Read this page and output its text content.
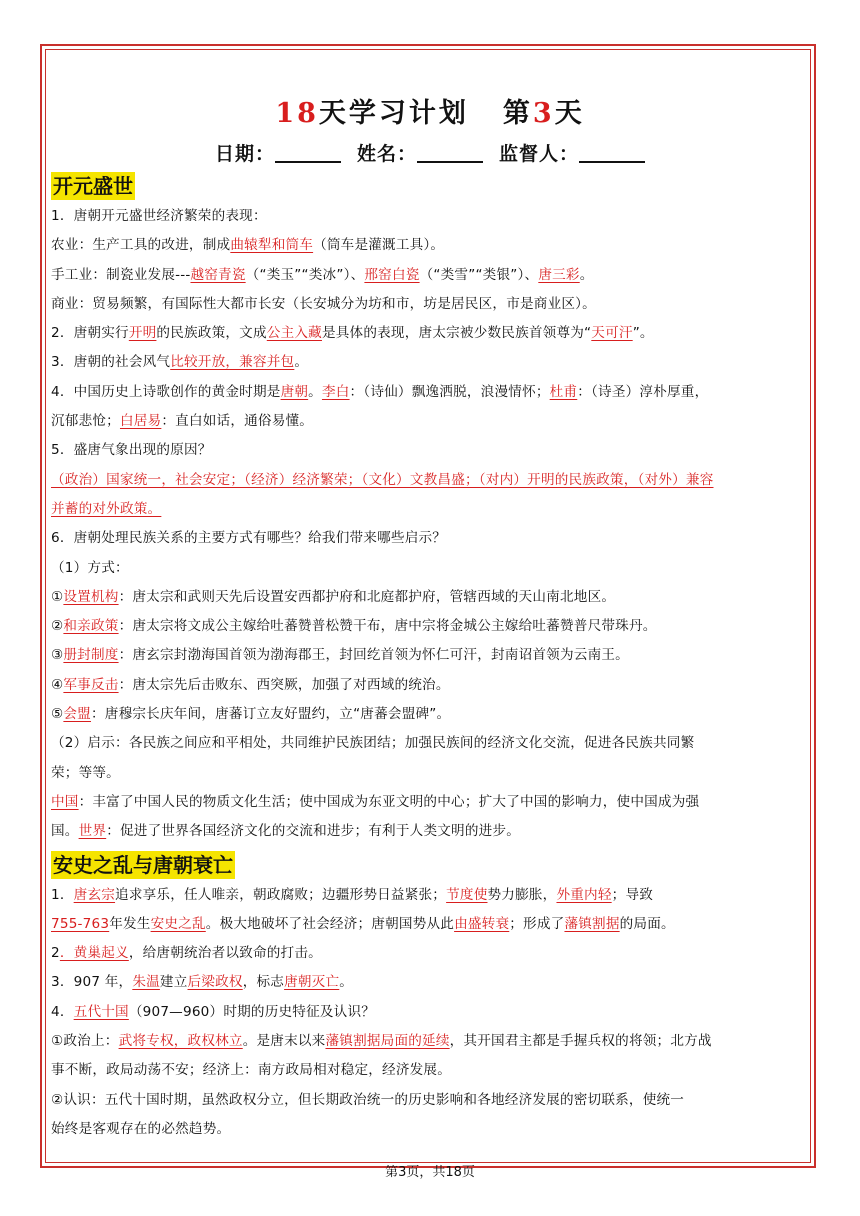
18天学习计划 第3天
日期：	姓名：	监督人：
开元盛世

1．唐朝开元盛世经济繁荣的表现：

农业：生产工具的改进，制成曲辕犁和筒车（筒车是灌溉工具）。

手工业：制瓷业发展---越窑青瓷（“类玉”“类冰”）、邢窑白瓷（“类雪”“类银”）、唐三彩。

商业：贸易频繁，有国际性大都市长安（长安城分为坊和市，坊是居民区，市是商业区）。

2．唐朝实行开明的民族政策，文成公主入藏是具体的表现，唐太宗被少数民族首领尊为“天可汗”。

3．唐朝的社会风气比较开放，兼容并包。

4．中国历史上诗歌创作的黄金时期是唐朝。李白：（诗仙）飘逸洒脱，浪漫情怀；杜甫：（诗圣）淳朴厚重，

沉郁悲怆；白居易：直白如话，通俗易懂。

5．盛唐气象出现的原因？

（政治）国家统一，社会安定；（经济）经济繁荣；（文化）文教昌盛；（对内）开明的民族政策，（对外）兼容

并蓄的对外政策。

6．唐朝处理民族关系的主要方式有哪些？给我们带来哪些启示？

（1）方式：

①设置机构：唐太宗和武则天先后设置安西都护府和北庭都护府，管辖西域的天山南北地区。

②和亲政策：唐太宗将文成公主嫁给吐蕃赞普松赞干布，唐中宗将金城公主嫁给吐蕃赞普尺带珠丹。

③册封制度：唐玄宗封渤海国首领为渤海郡王，封回纥首领为怀仁可汗，封南诏首领为云南王。

④军事反击：唐太宗先后击败东、西突厥，加强了对西域的统治。

⑤会盟：唐穆宗长庆年间，唐蕃订立友好盟约，立“唐蕃会盟碑”。

（2）启示：各民族之间应和平相处，共同维护民族团结；加强民族间的经济文化交流，促进各民族共同繁

荣；等等。

中国：丰富了中国人民的物质文化生活；使中国成为东亚文明的中心；扩大了中国的影响力，使中国成为强

国。世界：促进了世界各国经济文化的交流和进步；有利于人类文明的进步。

安史之乱与唐朝衰亡

1．唐玄宗追求享乐，任人唯亲，朝政腐败；边疆形势日益紧张；节度使势力膨胀，外重内轻；导致

755-763年发生安史之乱。极大地破坏了社会经济；唐朝国势从此由盛转衰；形成了藩镇割据的局面。

2．黄巢起义，给唐朝统治者以致命的打击。

3．907 年，朱温建立后梁政权，标志唐朝灭亡。

4．五代十国（907—960）时期的历史特征及认识？

①政治上：武将专权，政权林立。是唐末以来藩镇割据局面的延续，其开国君主都是手握兵权的将领；北方战

事不断，政局动荡不安；经济上：南方政局相对稳定，经济发展。

②认识：五代十国时期，虽然政权分立，但长期政治统一的历史影响和各地经济发展的密切联系，使统一

始终是客观存在的必然趋势。

第3页，共18页
